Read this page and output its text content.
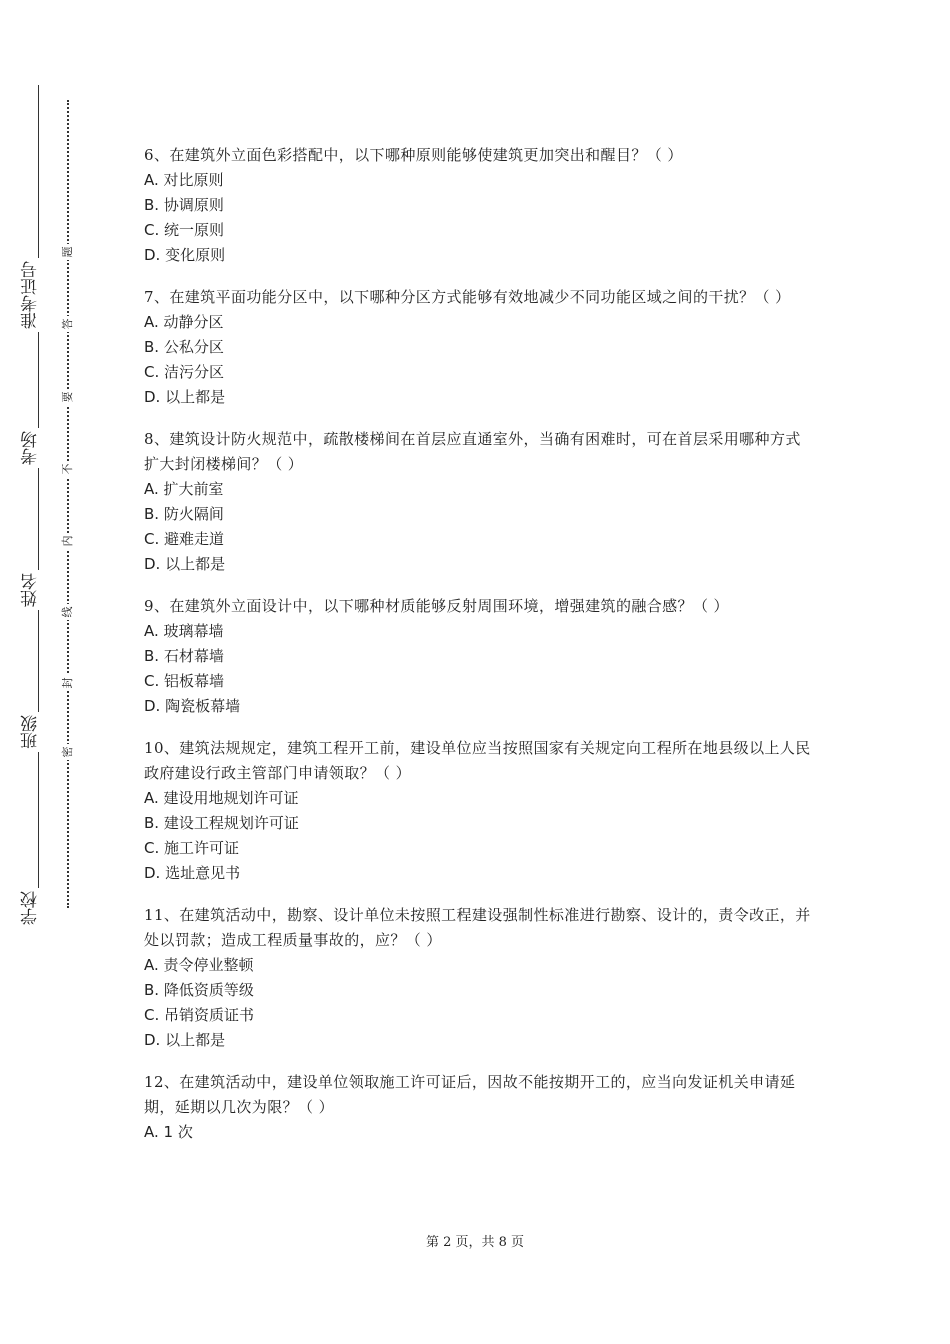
学校
班级
姓名
考场
准考证号
密
封
线
内
不
要
答
题
6、在建筑外立面色彩搭配中，以下哪种原则能够使建筑更加突出和醒目？（ ）
A. 对比原则
B. 协调原则
C. 统一原则
D. 变化原则
7、在建筑平面功能分区中，以下哪种分区方式能够有效地减少不同功能区域之间的干扰？（ ）
A. 动静分区
B. 公私分区
C. 洁污分区
D. 以上都是
8、建筑设计防火规范中，疏散楼梯间在首层应直通室外，当确有困难时，可在首层采用哪种方式扩大封闭楼梯间？（ ）
A. 扩大前室
B. 防火隔间
C. 避难走道
D. 以上都是
9、在建筑外立面设计中，以下哪种材质能够反射周围环境，增强建筑的融合感？（ ）
A. 玻璃幕墙
B. 石材幕墙
C. 铝板幕墙
D. 陶瓷板幕墙
10、建筑法规规定，建筑工程开工前，建设单位应当按照国家有关规定向工程所在地县级以上人民政府建设行政主管部门申请领取？（ ）
A. 建设用地规划许可证
B. 建设工程规划许可证
C. 施工许可证
D. 选址意见书
11、在建筑活动中，勘察、设计单位未按照工程建设强制性标准进行勘察、设计的，责令改正，并处以罚款；造成工程质量事故的，应？（ ）
A. 责令停业整顿
B. 降低资质等级
C. 吊销资质证书
D. 以上都是
12、在建筑活动中，建设单位领取施工许可证后，因故不能按期开工的，应当向发证机关申请延期，延期以几次为限？（ ）
A. 1 次
第 2 页，共 8 页
